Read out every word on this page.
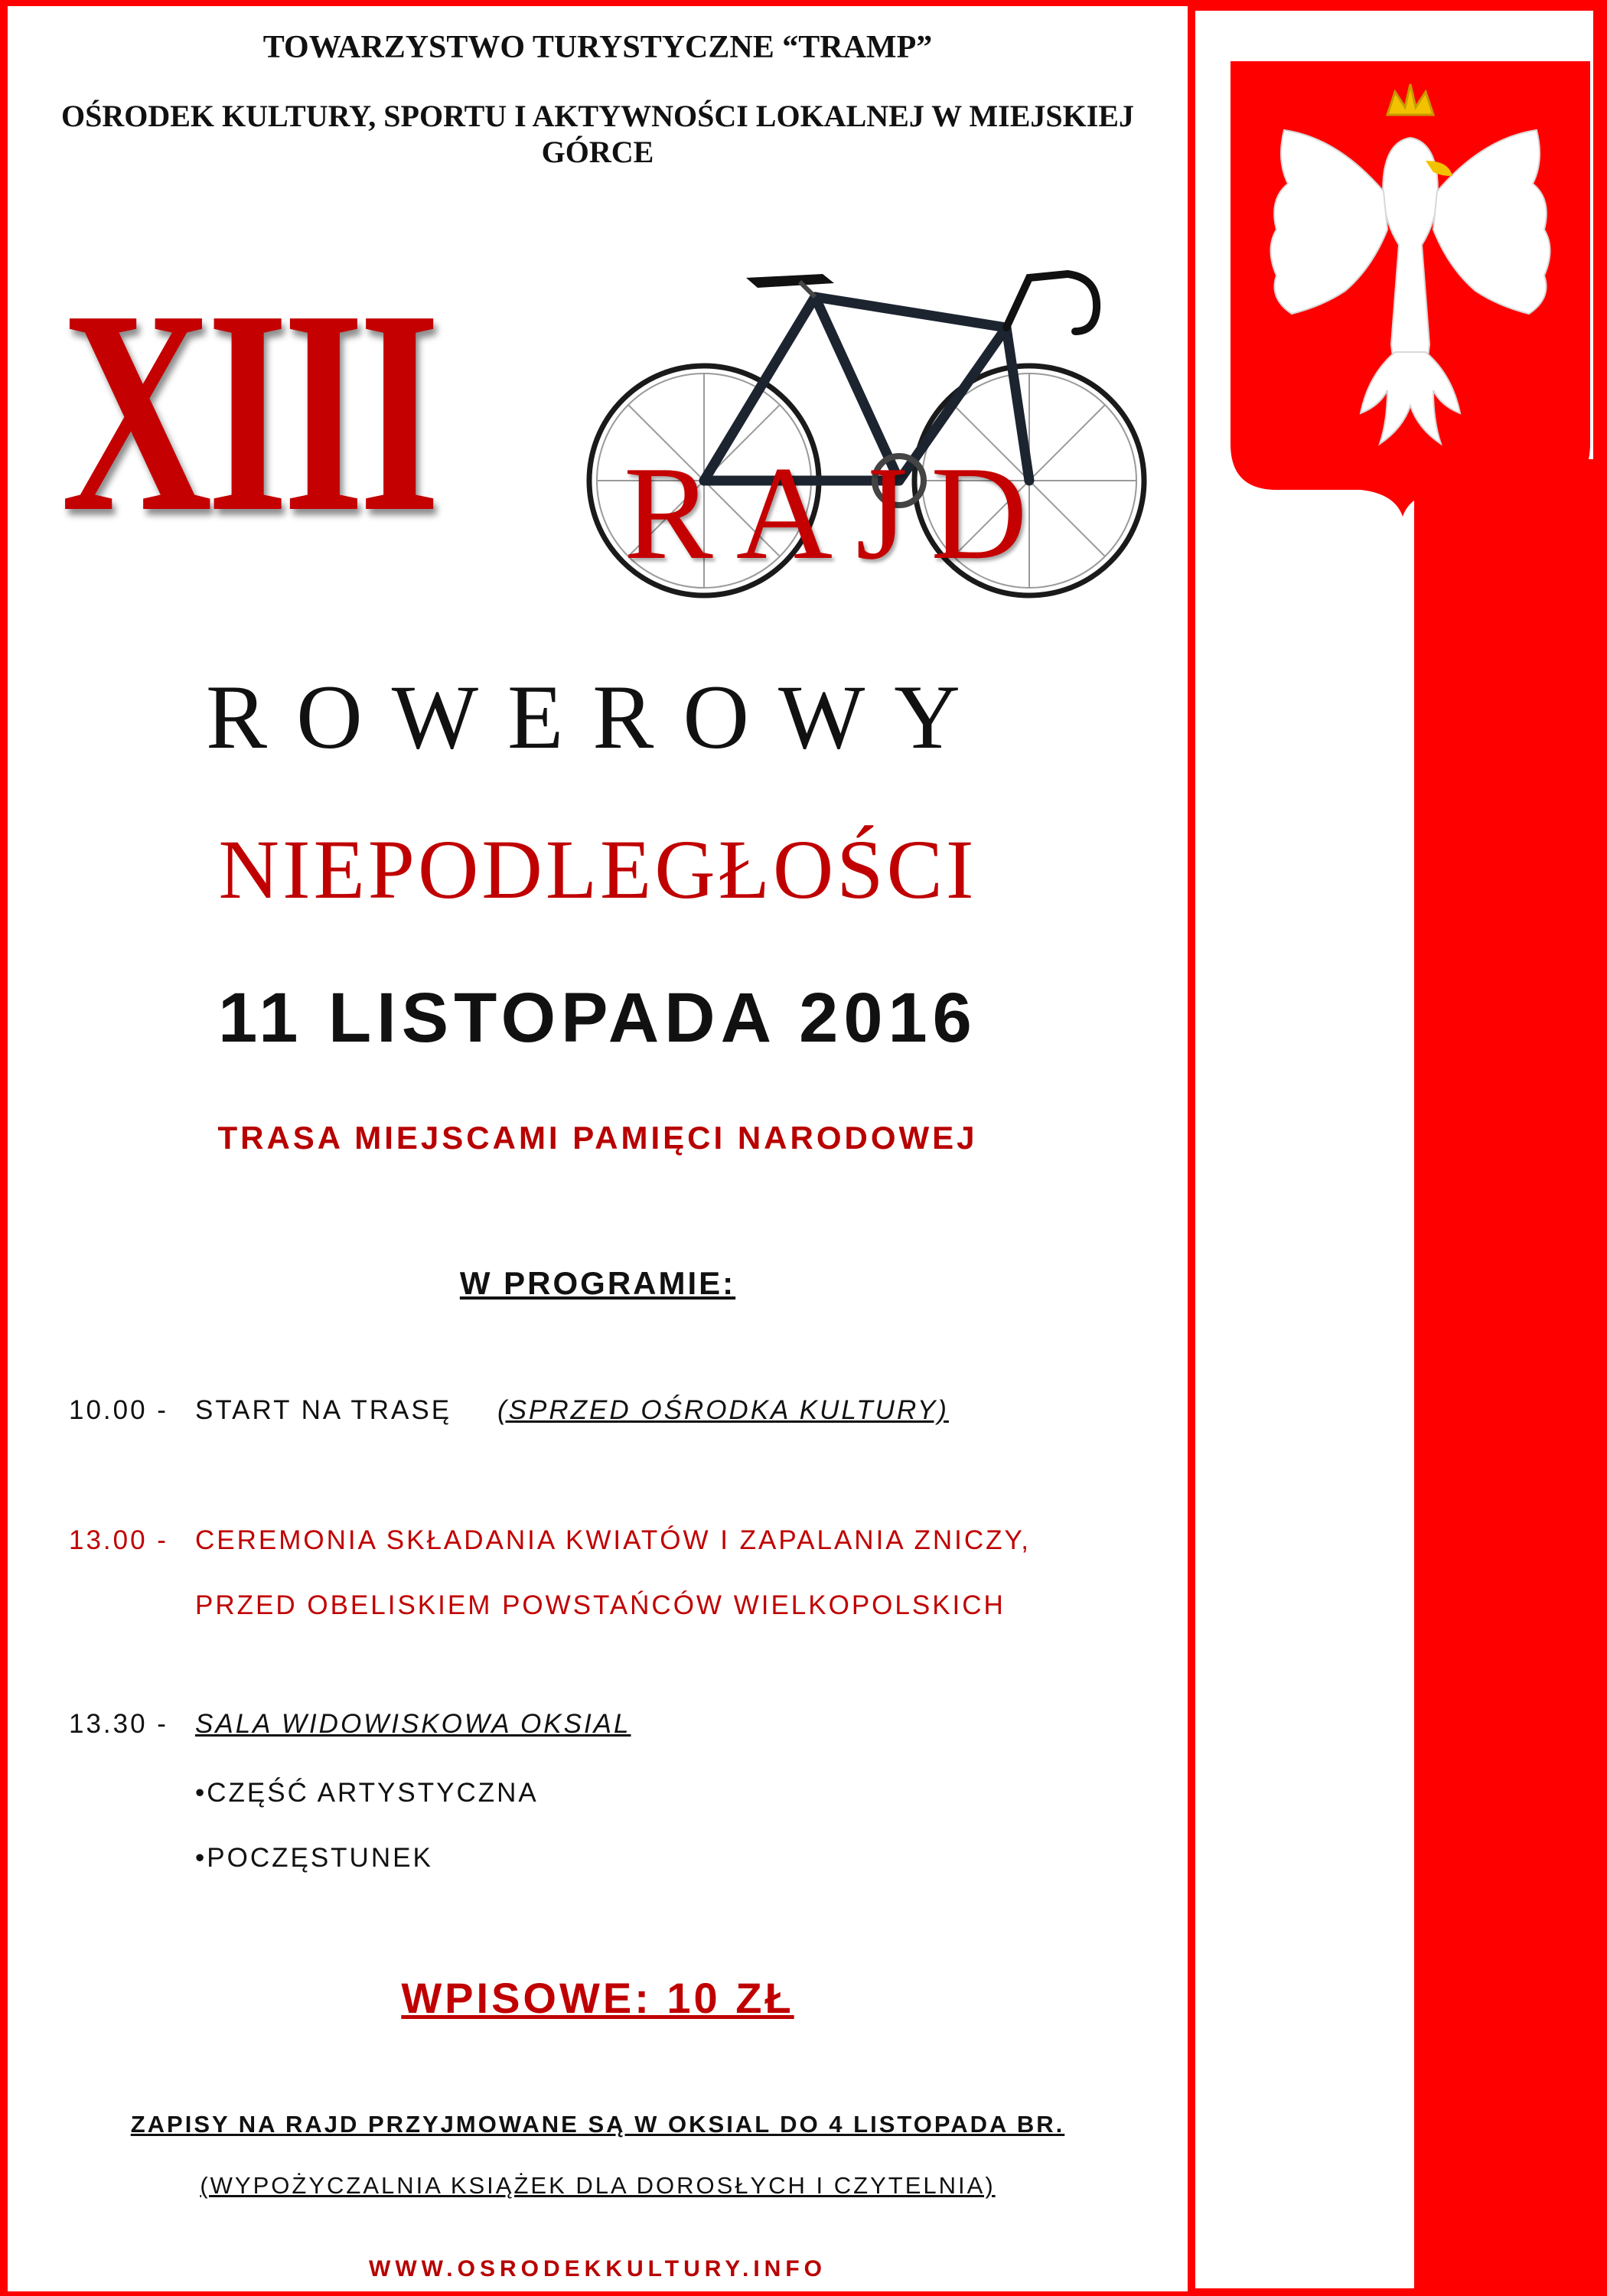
TOWARZYSTWO TURYSTYCZNE “TRAMP”
OŚRODEK KULTURY, SPORTU I AKTYWNOŚCI LOKALNEJ W MIEJSKIEJ GÓRCE
XIII RAJD
ROWEROWY
NIEPODLEGŁOŚCI
11 LISTOPADA 2016
TRASA MIEJSCAMI PAMIĘCI NARODOWEJ
W PROGRAMIE:
10.00 - START NA TRASĘ (SPRZED OŚRODKA KULTURY)
13.00 - CEREMONIA SKŁADANIA KWIATÓW I ZAPALANIA ZNICZY,
PRZED OBELISKIEM POWSTAŃCÓW WIELKOPOLSKICH
13.30 - SALA WIDOWISKOWA OKSIAL
•CZĘŚĆ ARTYSTYCZNA
•POCZĘSTUNEK
WPISOWE: 10 ZŁ
ZAPISY NA RAJD PRZYJMOWANE SĄ W OKSIAL DO 4 LISTOPADA BR.
(WYPOŻYCZALNIA KSIĄŻEK DLA DOROSŁYCH I CZYTELNIA)
WWW.OSRODEKKULTURY.INFO
